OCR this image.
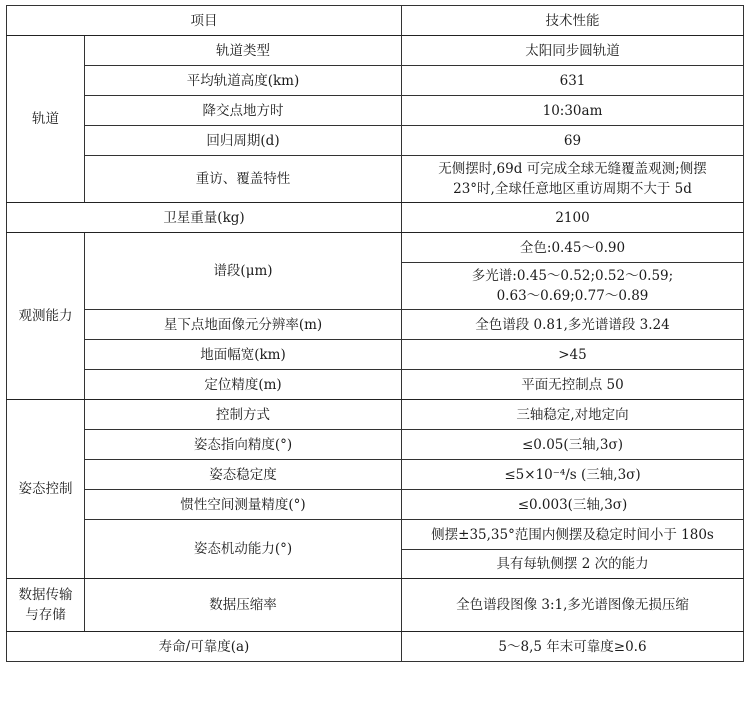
项目		技术性能
轨道	轨道类型	太阳同步圆轨道
	平均轨道高度(km)	631
	降交点地方时	10:30am
	回归周期(d)	69
	重访、覆盖特性	无侧摆时,69d 可完成全球无缝覆盖观测;侧摆
23°时,全球任意地区重访周期不大于 5d

卫星重量(kg)		2100
观测能力	谱段(μm)	全色:0.45～0.90

		多光谱:0.45～0.52;0.52～0.59;
0.63～0.69;0.77～0.89

	星下点地面像元分辨率(m)	全色谱段 0.81,多光谱谱段 3.24
	地面幅宽(km)	>45
	定位精度(m)	平面无控制点 50
姿态控制	控制方式	三轴稳定,对地定向
	姿态指向精度(°)	≤0.05(三轴,3σ)
	姿态稳定度	≤5×10⁻⁴/s (三轴,3σ)
	惯性空间测量精度(°)	≤0.003(三轴,3σ)
	姿态机动能力(°)	侧摆±35,35°范围内侧摆及稳定时间小于 180s
		具有每轨侧摆 2 次的能力

数据传输
与存储	数据压缩率	全色谱段图像 3:1,多光谱图像无损压缩
寿命/可靠度(a)		5～8,5 年末可靠度≥0.6
